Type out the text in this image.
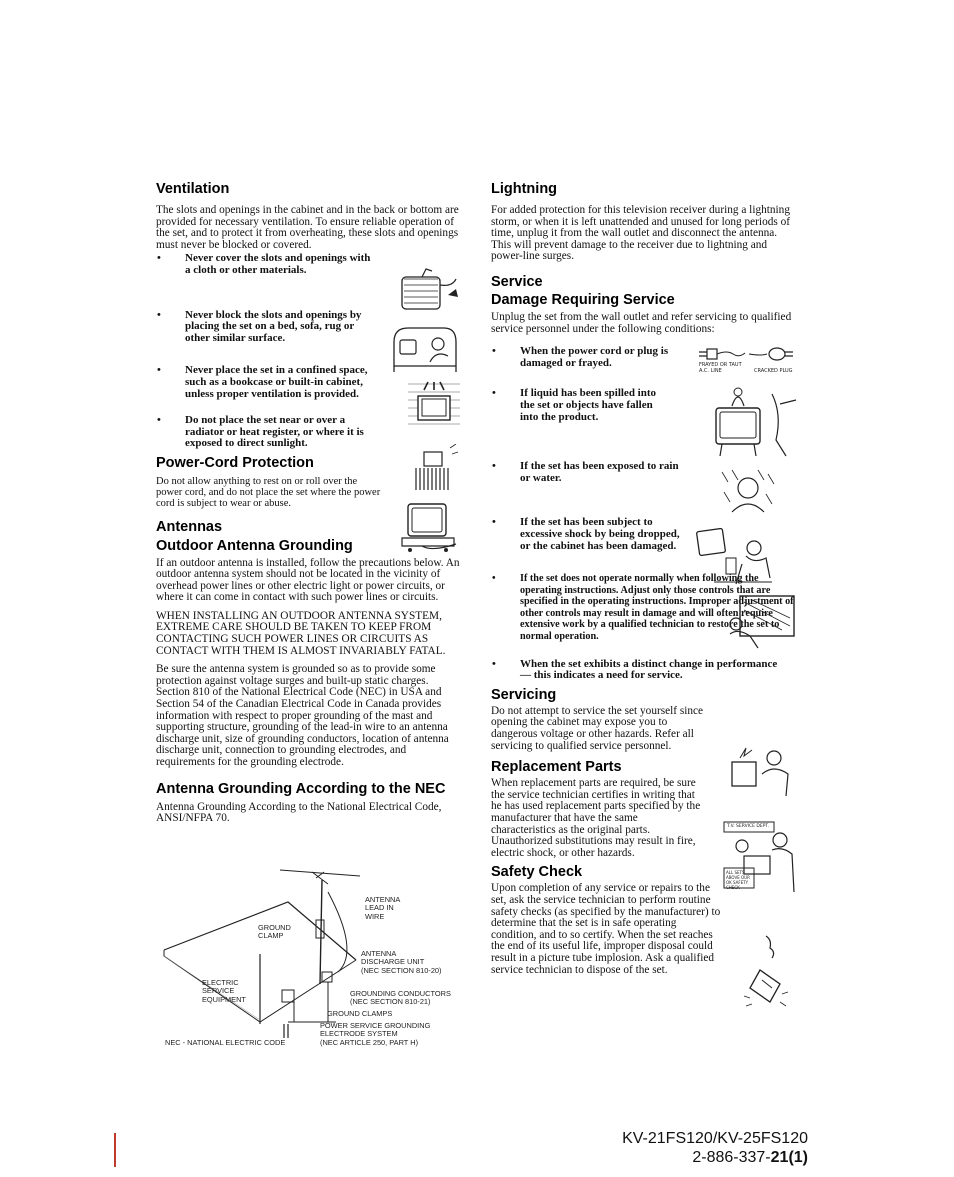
Ventilation

The slots and openings in the cabinet and in the back or bottom are provided for necessary ventilation. To ensure reliable operation of the set, and to protect it from overheating, these slots and openings must never be blocked or covered.

• Never cover the slots and openings with a cloth or other materials.
• Never block the slots and openings by placing the set on a bed, sofa, rug or other similar surface.
• Never place the set in a confined space, such as a bookcase or built-in cabinet, unless proper ventilation is provided.
• Do not place the set near or over a radiator or heat register, or where it is exposed to direct sunlight.
Power-Cord Protection

Do not allow anything to rest on or roll over the power cord, and do not place the set where the power cord is subject to wear or abuse.

Antennas
Outdoor Antenna Grounding

If an outdoor antenna is installed, follow the precautions below. An outdoor antenna system should not be located in the vicinity of overhead power lines or other electric light or power circuits, or where it can come in contact with such power lines or circuits.

WHEN INSTALLING AN OUTDOOR ANTENNA SYSTEM, EXTREME CARE SHOULD BE TAKEN TO KEEP FROM CONTACTING SUCH POWER LINES OR CIRCUITS AS CONTACT WITH THEM IS ALMOST INVARIABLY FATAL.

Be sure the antenna system is grounded so as to provide some protection against voltage surges and built-up static charges. Section 810 of the National Electrical Code (NEC) in USA and Section 54 of the Canadian Electrical Code in Canada provides information with respect to proper grounding of the mast and supporting structure, grounding of the lead-in wire to an antenna discharge unit, size of grounding conductors, location of antenna discharge unit, connection to grounding electrodes, and requirements for the grounding electrode.

Antenna Grounding According to the NEC

Antenna Grounding According to the National Electrical Code, ANSI/NFPA 70.

ANTENNA
LEAD IN
WIRE
GROUND
CLAMP
ANTENNA
DISCHARGE UNIT
(NEC SECTION 810-20)
ELECTRIC
SERVICE
EQUIPMENT
GROUNDING CONDUCTORS
(NEC SECTION 810-21)
GROUND CLAMPS
POWER SERVICE GROUNDING
ELECTRODE SYSTEM
(NEC ARTICLE 250, PART H)
NEC - NATIONAL ELECTRIC CODE
Lightning

For added protection for this television receiver during a lightning storm, or when it is left unattended and unused for long periods of time, unplug it from the wall outlet and disconnect the antenna. This will prevent damage to the receiver due to lightning and power-line surges.

Service
Damage Requiring Service

Unplug the set from the wall outlet and refer servicing to qualified service personnel under the following conditions:

• When the power cord or plug is damaged or frayed.
• If liquid has been spilled into the set or objects have fallen into the product.
• If the set has been exposed to rain or water.
• If the set has been subject to excessive shock by being dropped, or the cabinet has been damaged.
• If the set does not operate normally when following the operating instructions. Adjust only those controls that are specified in the operating instructions. Improper adjustment of other controls may result in damage and will often require extensive work by a qualified technician to restore the set to normal operation.
• When the set exhibits a distinct change in performance — this indicates a need for service.
Servicing

Do not attempt to service the set yourself since opening the cabinet may expose you to dangerous voltage or other hazards. Refer all servicing to qualified service personnel.

Replacement Parts

When replacement parts are required, be sure the service technician certifies in writing that he has used replacement parts specified by the manufacturer that have the same characteristics as the original parts. Unauthorized substitutions may result in fire, electric shock, or other hazards.

Safety Check

Upon completion of any service or repairs to the set, ask the service technician to perform routine safety checks (as specified by the manufacturer) to determine that the set is in safe operating condition, and to so certify. When the set reaches the end of its useful life, improper disposal could result in a picture tube implosion. Ask a qualified service technician to dispose of the set.

FRAYED OR TAUT A.C. LINE	CRACKED PLUG
T.V. SERVICE DEPT.
ALL SETS ABOVE OUR OK SAFETY CHECK
KV-21FS120/KV-25FS120
2-886-337-21(1)
